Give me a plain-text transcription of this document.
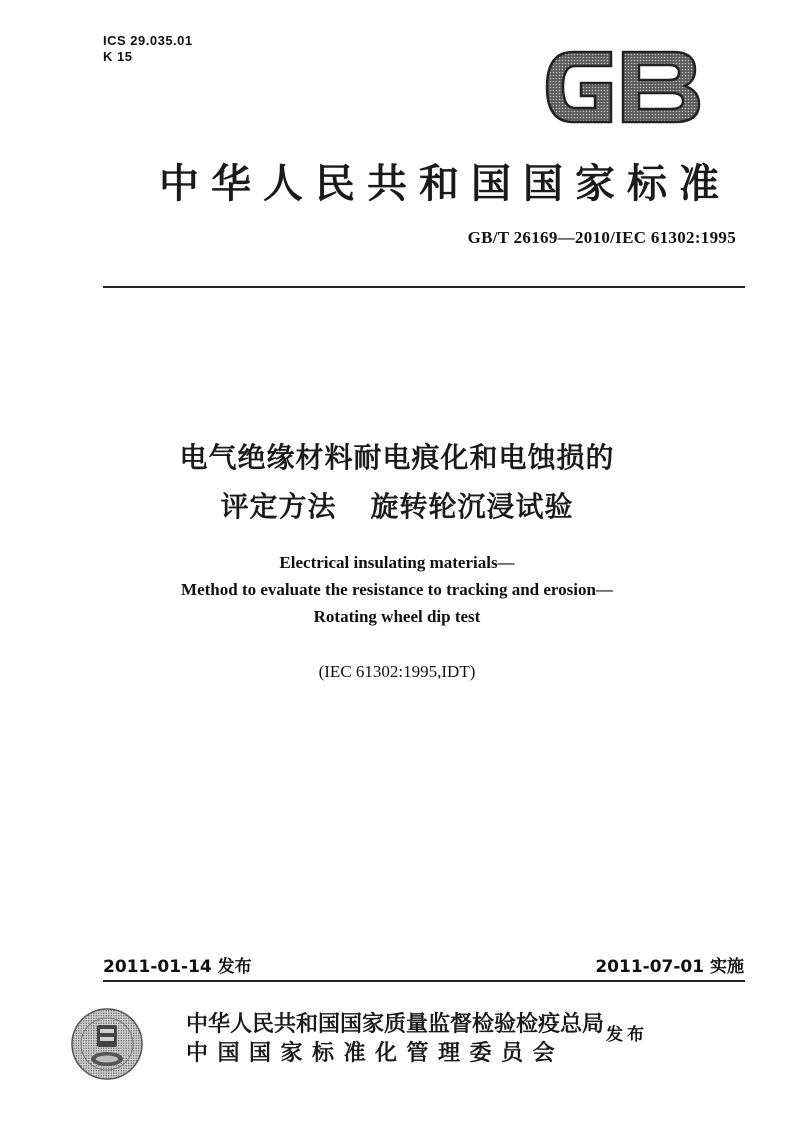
ICS 29.035.01
K 15
中华人民共和国国家标准
GB/T 26169—2010/IEC 61302:1995
电气绝缘材料耐电痕化和电蚀损的
评定方法 旋转轮沉浸试验
Electrical insulating materials—
Method to evaluate the resistance to tracking and erosion—
Rotating wheel dip test
(IEC 61302:1995,IDT)
2011-01-14 发布	2011-07-01 实施
中华人民共和国国家质量监督检验检疫总局
中国国家标准化管理委员会
发布
